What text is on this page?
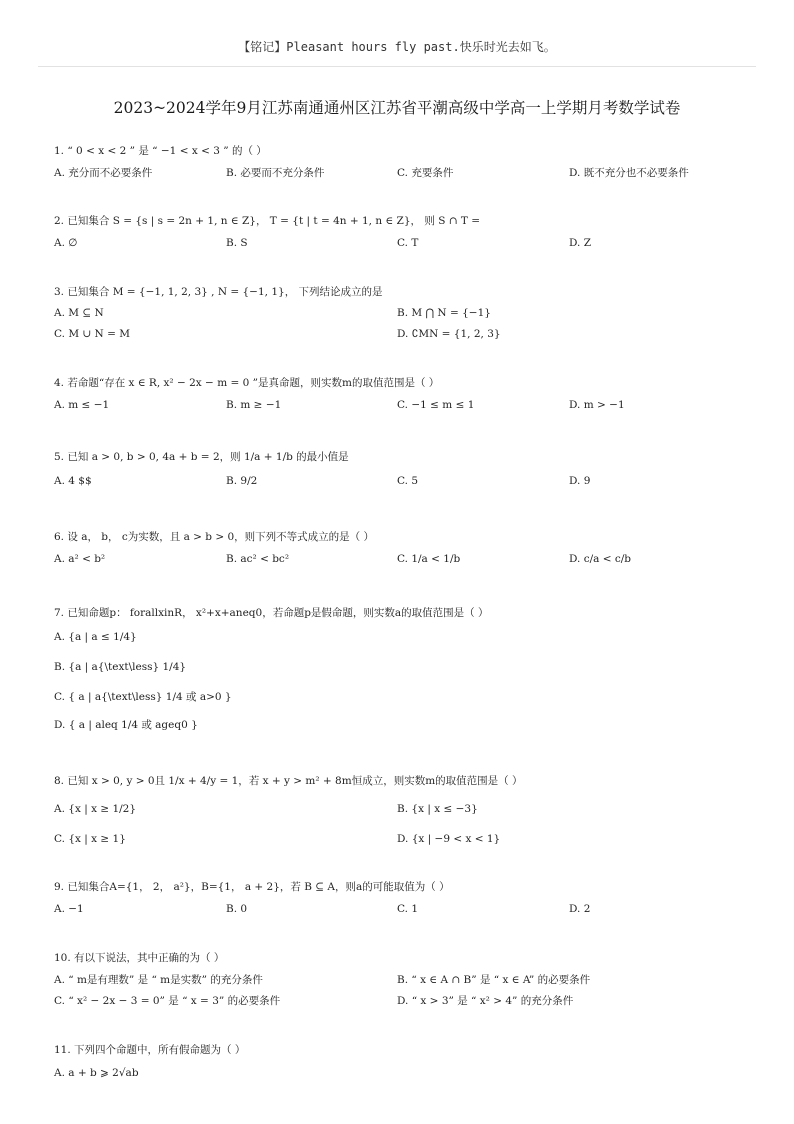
【铭记】Pleasant hours fly past.快乐时光去如飞。
2023~2024学年9月江苏南通通州区江苏省平潮高级中学高一上学期月考数学试卷
1. “ 0 < x < 2 ” 是 “ −1 < x < 3 ” 的（ ）
A. 充分而不必要条件	B. 必要而不充分条件	C. 充要条件	D. 既不充分也不必要条件
2. 已知集合 S = {s | s = 2n + 1, n ∈ Z}， T = {t | t = 4n + 1, n ∈ Z}， 则 S ∩ T =
A. ∅	B. S	C. T	D. Z
3. 已知集合 M = {−1, 1, 2, 3} , N = {−1, 1}， 下列结论成立的是
A. M ⊆ N	B. M ⋂ N = {−1}
C. M ∪ N = M	D. ∁MN = {1, 2, 3}
4. 若命题“存在 x ∈ R, x² − 2x − m = 0 ”是真命题，则实数m的取值范围是（ ）
A. m ≤ −1	B. m ≥ −1	C. −1 ≤ m ≤ 1	D. m > −1
5. 已知 a > 0, b > 0, 4a + b = 2，则 1/a + 1/b 的最小值是
A. 4 $$	B. 9/2	C. 5	D. 9
6. 设 a， b， c为实数，且 a > b > 0，则下列不等式成立的是（ ）
A. a² < b²	B. ac² < bc²	C. 1/a < 1/b	D. c/a < c/b
7. 已知命题p： forallxinR， x²+x+aneq0，若命题p是假命题，则实数a的取值范围是（ ）
A. {a | a ≤ 1/4}
B. {a | a{\text\less} 1/4}
C. { a | a{\text\less} 1/4 或 a>0 }
D. { a | aleq 1/4 或 ageq0 }
8. 已知 x > 0, y > 0且 1/x + 4/y = 1，若 x + y > m² + 8m恒成立，则实数m的取值范围是（ ）
A. {x | x ≥ 1/2}	B. {x | x ≤ −3}
C. {x | x ≥ 1}	D. {x | −9 < x < 1}
9. 已知集合A={1， 2， a²}，B={1， a + 2}，若 B ⊆ A，则a的可能取值为（ ）
A. −1	B. 0	C. 1	D. 2
10. 有以下说法，其中正确的为（ ）
A. “ m是有理数” 是 “ m是实数” 的充分条件	B. “ x ∈ A ∩ B” 是 “ x ∈ A” 的必要条件
C. “ x² − 2x − 3 = 0” 是 “ x = 3” 的必要条件	D. “ x > 3” 是 “ x² > 4” 的充分条件
11. 下列四个命题中，所有假命题为（ ）
A. a + b ⩾ 2√ab
